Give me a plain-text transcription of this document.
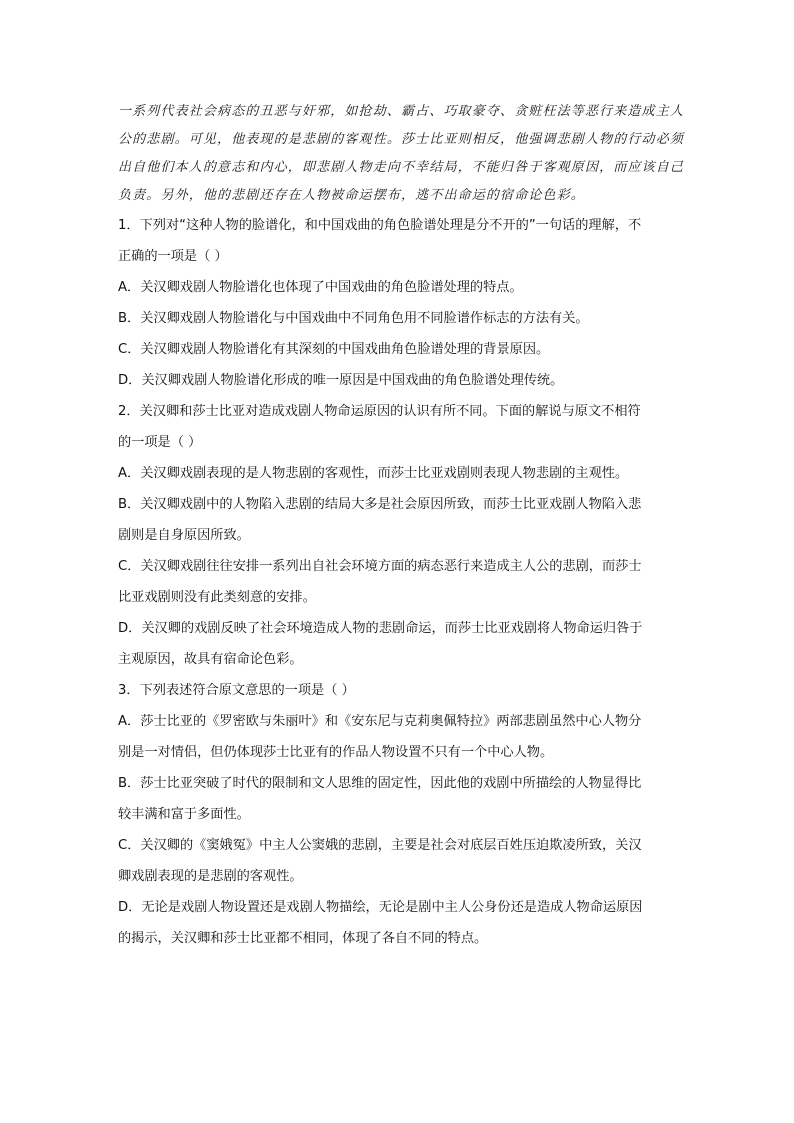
一系列代表社会病态的丑恶与奸邪，如抢劫、霸占、巧取豪夺、贪赃枉法等恶行来造成主人
公的悲剧。可见，他表现的是悲剧的客观性。莎士比亚则相反，他强调悲剧人物的行动必须
出自他们本人的意志和内心，即悲剧人物走向不幸结局，不能归咎于客观原因，而应该自己
负责。另外，他的悲剧还存在人物被命运摆布，逃不出命运的宿命论色彩。
1．下列对“这种人物的脸谱化，和中国戏曲的角色脸谱处理是分不开的”一句话的理解，不
正确的一项是（ ）
A．关汉卿戏剧人物脸谱化也体现了中国戏曲的角色脸谱处理的特点。
B．关汉卿戏剧人物脸谱化与中国戏曲中不同角色用不同脸谱作标志的方法有关。
C．关汉卿戏剧人物脸谱化有其深刻的中国戏曲角色脸谱处理的背景原因。
D．关汉卿戏剧人物脸谱化形成的唯一原因是中国戏曲的角色脸谱处理传统。
2．关汉卿和莎士比亚对造成戏剧人物命运原因的认识有所不同。下面的解说与原文不相符
的一项是（ ）
A．关汉卿戏剧表现的是人物悲剧的客观性，而莎士比亚戏剧则表现人物悲剧的主观性。
B．关汉卿戏剧中的人物陷入悲剧的结局大多是社会原因所致，而莎士比亚戏剧人物陷入悲
剧则是自身原因所致。
C．关汉卿戏剧往往安排一系列出自社会环境方面的病态恶行来造成主人公的悲剧，而莎士
比亚戏剧则没有此类刻意的安排。
D．关汉卿的戏剧反映了社会环境造成人物的悲剧命运，而莎士比亚戏剧将人物命运归咎于
主观原因，故具有宿命论色彩。
3．下列表述符合原文意思的一项是（ ）
A．莎士比亚的《罗密欧与朱丽叶》和《安东尼与克莉奥佩特拉》两部悲剧虽然中心人物分
别是一对情侣，但仍体现莎士比亚有的作品人物设置不只有一个中心人物。
B．莎士比亚突破了时代的限制和文人思维的固定性，因此他的戏剧中所描绘的人物显得比
较丰满和富于多面性。
C．关汉卿的《窦娥冤》中主人公窦娥的悲剧，主要是社会对底层百姓压迫欺凌所致，关汉
卿戏剧表现的是悲剧的客观性。
D．无论是戏剧人物设置还是戏剧人物描绘，无论是剧中主人公身份还是造成人物命运原因
的揭示，关汉卿和莎士比亚都不相同，体现了各自不同的特点。
